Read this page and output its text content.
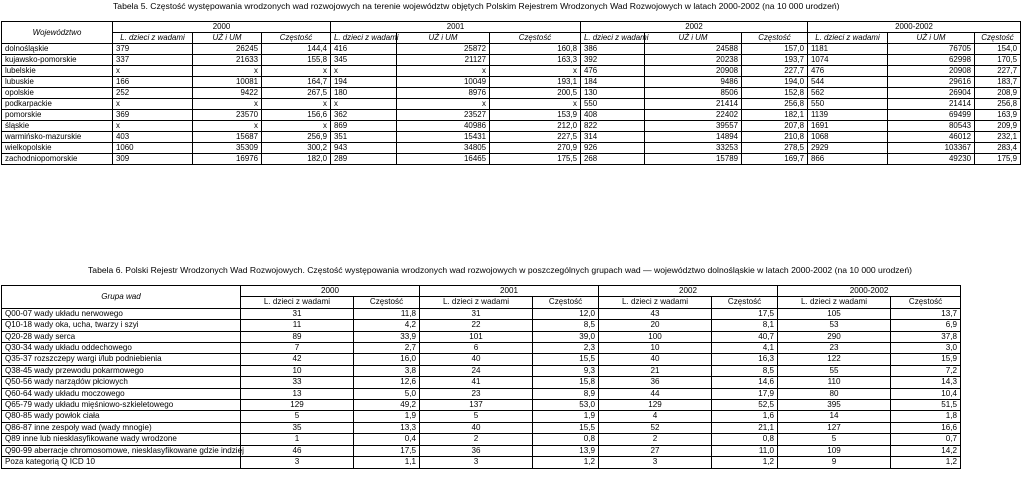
Tabela 5. Częstość występowania wrodzonych wad rozwojowych na terenie województw objętych Polskim Rejestrem Wrodzonych Wad Rozwojowych w latach 2000-2002 (na 10 000 urodzeń)
Województwo	2000			2001			2002			2000-2002		
	L. dzieci z wadami	UŻ i UM	Częstość	L. dzieci z wadami	UŻ i UM	Częstość	L. dzieci z wadami	UŻ i UM	Częstość	L. dzieci z wadami	UŻ i UM	Częstość
dolnośląskie	379	26245	144,4	416	25872	160,8	386	24588	157,0	1181	76705	154,0
kujawsko-pomorskie	337	21633	155,8	345	21127	163,3	392	20238	193,7	1074	62998	170,5
lubelskie	x	x	x	x	x	x	476	20908	227,7	476	20908	227,7
lubuskie	166	10081	164,7	194	10049	193,1	184	9486	194,0	544	29616	183,7
opolskie	252	9422	267,5	180	8976	200,5	130	8506	152,8	562	26904	208,9
podkarpackie	x	x	x	x	x	x	550	21414	256,8	550	21414	256,8
pomorskie	369	23570	156,6	362	23527	153,9	408	22402	182,1	1139	69499	163,9
śląskie	x	x	x	869	40986	212,0	822	39557	207,8	1691	80543	209,9
warmińsko-mazurskie	403	15687	256,9	351	15431	227,5	314	14894	210,8	1068	46012	232,1
wielkopolskie	1060	35309	300,2	943	34805	270,9	926	33253	278,5	2929	103367	283,4
zachodniopomorskie	309	16976	182,0	289	16465	175,5	268	15789	169,7	866	49230	175,9
Tabela 6. Polski Rejestr Wrodzonych Wad Rozwojowych. Częstość występowania wrodzonych wad rozwojowych w poszczególnych grupach wad — województwo dolnośląskie w latach 2000-2002 (na 10 000 urodzeń)
Grupa wad	2000		2001		2002		2000-2002	
	L. dzieci z wadami	Częstość	L. dzieci z wadami	Częstość	L. dzieci z wadami	Częstość	L. dzieci z wadami	Częstość
Q00-07 wady układu nerwowego	31	11,8	31	12,0	43	17,5	105	13,7
Q10-18 wady oka, ucha, twarzy i szyi	11	4,2	22	8,5	20	8,1	53	6,9
Q20-28 wady serca	89	33,9	101	39,0	100	40,7	290	37,8
Q30-34 wady układu oddechowego	7	2,7	6	2,3	10	4,1	23	3,0
Q35-37 rozszczepy wargi i/lub podniebienia	42	16,0	40	15,5	40	16,3	122	15,9
Q38-45 wady przewodu pokarmowego	10	3,8	24	9,3	21	8,5	55	7,2
Q50-56 wady narządów płciowych	33	12,6	41	15,8	36	14,6	110	14,3
Q60-64 wady układu moczowego	13	5,0	23	8,9	44	17,9	80	10,4
Q65-79 wady układu mięśniowo-szkieletowego	129	49,2	137	53,0	129	52,5	395	51,5
Q80-85 wady powłok ciała	5	1,9	5	1,9	4	1,6	14	1,8
Q86-87 inne zespoły wad (wady mnogie)	35	13,3	40	15,5	52	21,1	127	16,6
Q89 inne lub niesklasyfikowane wady wrodzone	1	0,4	2	0,8	2	0,8	5	0,7
Q90-99 aberracje chromosomowe, niesklasyfikowane gdzie indziej	46	17,5	36	13,9	27	11,0	109	14,2
Poza kategorią Q ICD 10	3	1,1	3	1,2	3	1,2	9	1,2
